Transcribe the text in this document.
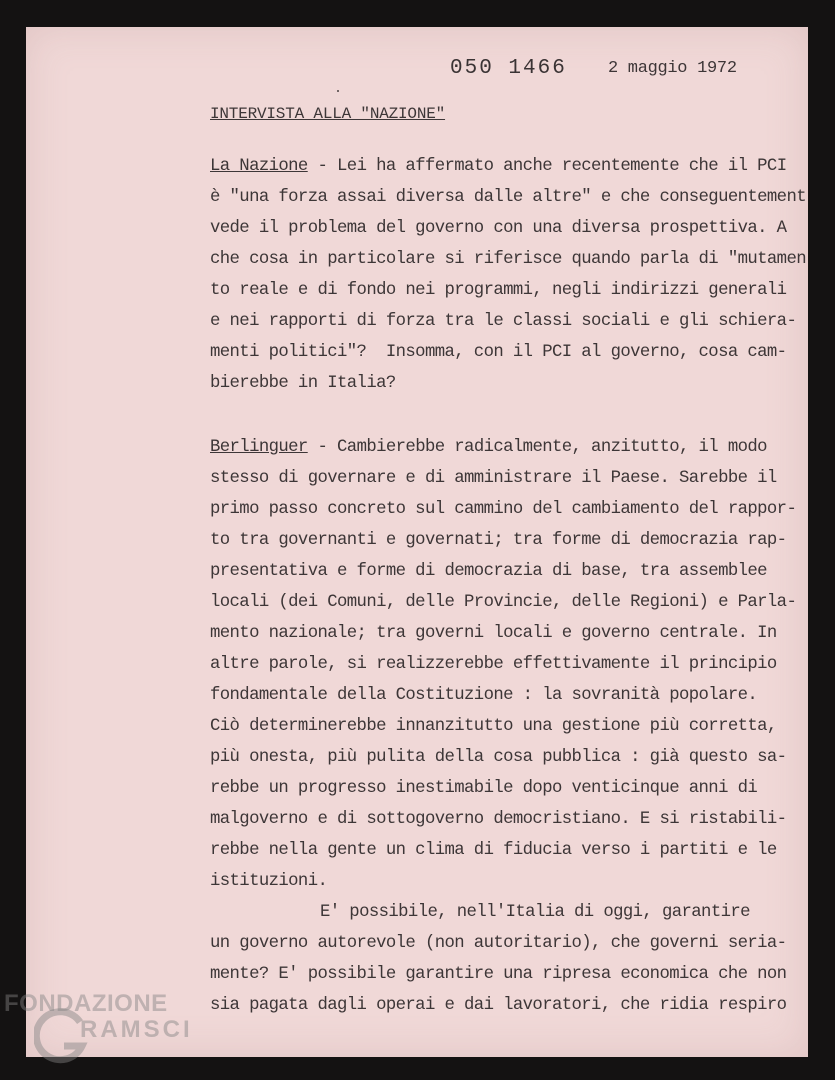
050 1466 2 maggio 1972
INTERVISTA ALLA "NAZIONE"
La Nazione - Lei ha affermato anche recentemente che il PCI
è "una forza assai diversa dalle altre" e che conseguentement
vede il problema del governo con una diversa prospettiva. A
che cosa in particolare si riferisce quando parla di "mutamen
to reale e di fondo nei programmi, negli indirizzi generali
e nei rapporti di forza tra le classi sociali e gli schiera-
menti politici"?  Insomma, con il PCI al governo, cosa cam-
bierebbe in Italia?
Berlinguer - Cambierebbe radicalmente, anzitutto, il modo
stesso di governare e di amministrare il Paese. Sarebbe il
primo passo concreto sul cammino del cambiamento del rappor-
to tra governanti e governati; tra forme di democrazia rap-
presentativa e forme di democrazia di base, tra assemblee
locali (dei Comuni, delle Provincie, delle Regioni) e Parla-
mento nazionale; tra governi locali e governo centrale. In
altre parole, si realizzerebbe effettivamente il principio
fondamentale della Costituzione : la sovranità popolare.
Ciò determinerebbe innanzitutto una gestione più corretta,
più onesta, più pulita della cosa pubblica : già questo sa-
rebbe un progresso inestimabile dopo venticinque anni di
malgoverno e di sottogoverno democristiano. E si ristabili-
rebbe nella gente un clima di fiducia verso i partiti e le
istituzioni.
E' possibile, nell'Italia di oggi, garantire
un governo autorevole (non autoritario), che governi seria-
mente? E' possibile garantire una ripresa economica che non
sia pagata dagli operai e dai lavoratori, che ridia respiro
FONDAZIONE
RAMSCI
